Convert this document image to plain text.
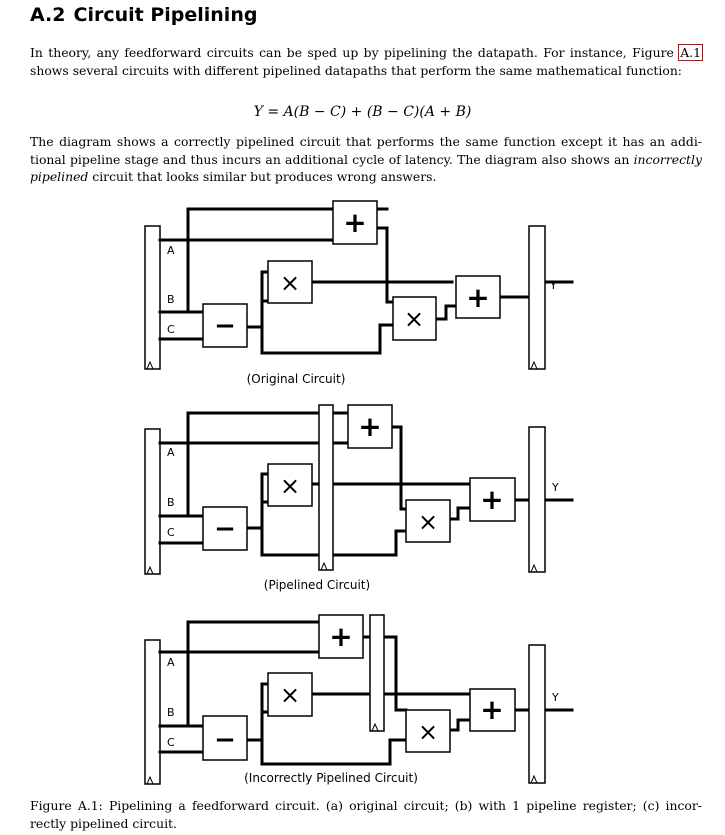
A.2 Circuit Pipelining
In theory, any feedforward circuits can be sped up by pipelining the datapath. For instance, Figure A.1
shows several circuits with different pipelined datapaths that perform the same mathematical function:
Y = A(B − C) + (B − C)(A + B)
The diagram shows a correctly pipelined circuit that performs the same function except it has an addi-
tional pipeline stage and thus incurs an additional cycle of latency. The diagram also shows an incorrectly
pipelined circuit that looks similar but produces wrong answers.
A
B
C
Y
+
×
−	×
+
(Original Circuit)
A
B
C
Y
+
×
−	×
+
(Pipelined Circuit)
A
B
C
Y
+
×
−	×
+
(Incorrectly Pipelined Circuit)
Figure A.1: Pipelining a feedforward circuit. (a) original circuit; (b) with 1 pipeline register; (c) incor-
rectly pipelined circuit.
